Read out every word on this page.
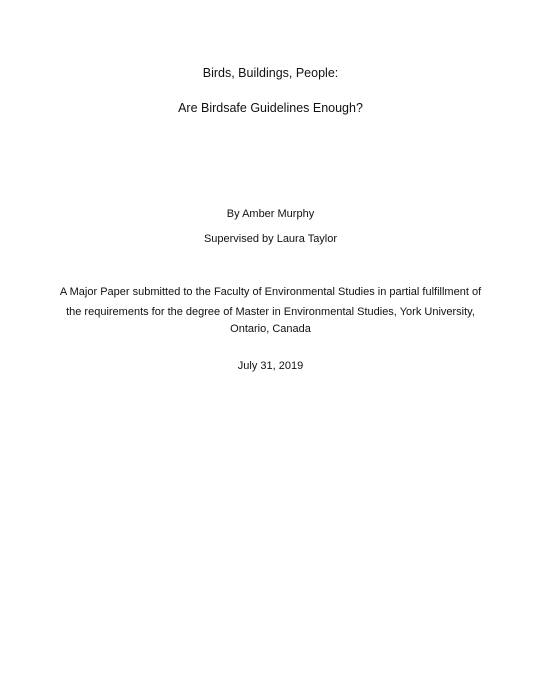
Birds, Buildings, People:
Are Birdsafe Guidelines Enough?
By Amber Murphy
Supervised by Laura Taylor
A Major Paper submitted to the Faculty of Environmental Studies in partial fulfillment of
the requirements for the degree of Master in Environmental Studies, York University,
Ontario, Canada
July 31, 2019
